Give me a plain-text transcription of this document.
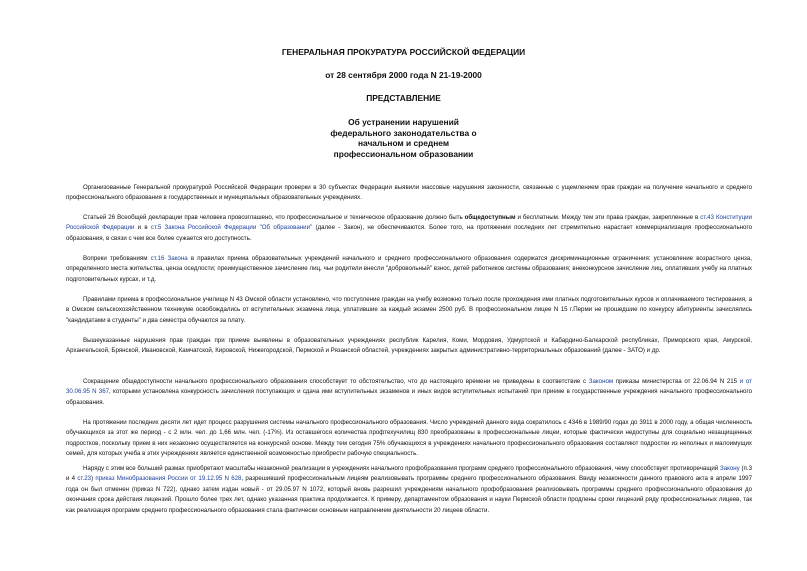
ГЕНЕРАЛЬНАЯ ПРОКУРАТУРА РОССИЙСКОЙ ФЕДЕРАЦИИ
от 28 сентября 2000 года N 21-19-2000
ПРЕДСТАВЛЕНИЕ
Об устранении нарушений
федерального законодательства о
начальном и среднем
профессиональном образовании

Организованные Генеральной прокуратурой Российской Федерации проверки в 30 субъектах Федерации выявили массовые нарушения законности, связанные с ущемлением прав граждан на получение начального и среднего профессионального образования в государственных и муниципальных образовательных учреждениях.

Статьей 26 Всеобщей декларации прав человека провозглашено, что профессиональное и техническое образование должно быть общедоступным и бесплатным. Между тем эти права граждан, закрепленные в ст.43 Конституции Российской Федерации и в ст.5 Закона Российской Федерации "Об образовании" (далее - Закон), не обеспечиваются. Более того, на протяжении последних лет стремительно нарастает коммерциализация профессионального образования, в связи с чем все более сужается его доступность.

Вопреки требованиям ст.16 Закона в правилах приема образовательных учреждений начального и среднего профессионального образования содержатся дискриминационные ограничения: установление возрастного ценза, определенного места жительства, ценза оседлости; преимущественное зачисление лиц, чьи родители внесли "добровольный" взнос, детей работников системы образования; внеконкурсное зачисление лиц, оплативших учебу на платных подготовительных курсах, и т.д.

Правилами приема в профессиональное училище N 43 Омской области установлено, что поступление граждан на учебу возможно только после прохождения ими платных подготовительных курсов и оплачиваемого тестирования, а в Омском сельскохозяйственном техникуме освобождались от вступительных экзамена лица, уплатившие за каждый экзамен 2500 руб. В профессиональном лицее N 15 г.Перми не прошедшие по конкурсу абитуриенты зачислялись "кандидатами в студенты" и два семестра обучаются за плату.

Вышеуказанные нарушения прав граждан при приеме выявлены в образовательных учреждениях республик Карелия, Коми, Мордовия, Удмуртской и Кабардино-Балкарской республиках, Приморского края, Амурской, Архангельской, Брянской, Ивановской, Камчатской, Кировской, Нижегородской, Пермской и Рязанской областей, учреждениях закрытых административно-территориальных образований (далее - ЗАТО) и др.

Сокращение общедоступности начального профессионального образования способствует то обстоятельство, что до настоящего времени не приведены в соответствие с Законом приказы министерства от 22.06.94 N 215 и от 30.06.95 N 367, которыми установлена конкурсность зачисления поступающих и сдача ими вступительных экзаменов и иных видов вступительных испытаний при приеме в государственные учреждения начального профессионального образования.

На протяжении последних десяти лет идет процесс разрушения системы начального профессионального образования. Число учреждений данного вида сократилось с 4346 в 1989/90 годах до 3911 в 2000 году, а общая численность обучающихся за этот же период - с 2 млн. чел. до 1,66 млн. чел. (-17%). Из оставшегося количества профтехучилищ 830 преобразованы в профессиональные лицеи, которые фактически недоступны для социально незащищенных подростков, поскольку прием в них незаконно осуществляется на конкурсной основе. Между тем сегодня 75% обучающихся в учреждениях начального профессионального образования составляют подростки из неполных и малоимущих семей, для которых учеба в этих учреждениях является единственной возможностью приобрести рабочую специальность.

Наряду с этим все больший размах приобретают масштабы незаконной реализации в учреждениях начального профобразования программ среднего профессионального образования, чему способствует противоречащий Закону (п.3 и 4 ст.23) приказ Минобразования России от 19.12.95 N 628, разрешивший профессиональным лицеям реализовывать программы среднего профессионального образования. Ввиду незаконности данного правового акта в апреле 1997 года он был отменен (приказ N 722), однако затем издан новый - от 29.05.97 N 1072, который вновь разрешил учреждениям начального профобразования реализовывать программы среднего профессионального образования до окончания срока действия лицензий. Прошло более трех лет, однако указанная практика продолжается. К примеру, департаментом образования и науки Пермской области продлены сроки лицензий ряду профессиональных лицеев, так как реализация программ среднего профессионального образования стала фактически основным направлением деятельности 20 лицеев области.
